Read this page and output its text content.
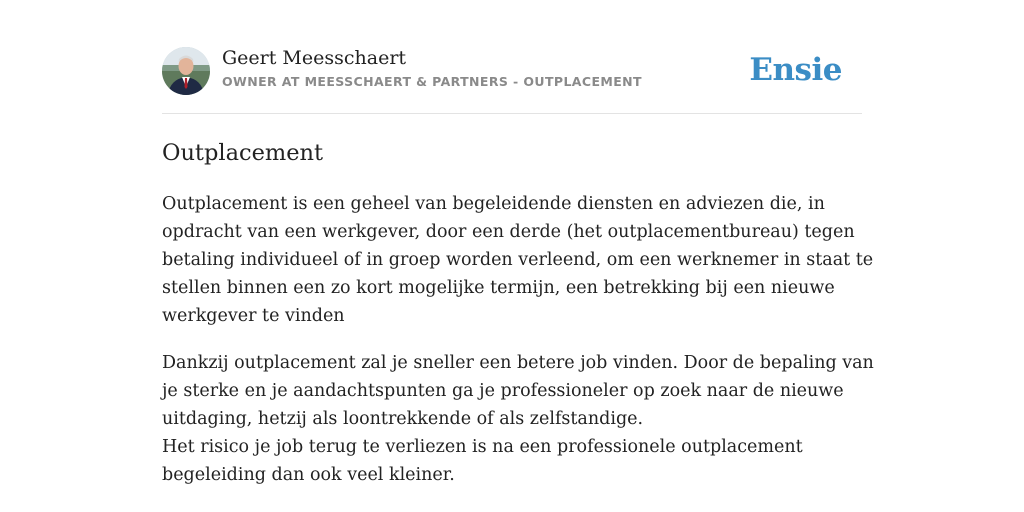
Geert Meesschaert
OWNER AT MEESSCHAERT & PARTNERS - OUTPLACEMENT	Ensie
Outplacement

Outplacement is een geheel van begeleidende diensten en adviezen die, in
opdracht van een werkgever, door een derde (het outplacementbureau) tegen
betaling individueel of in groep worden verleend, om een werknemer in staat te
stellen binnen een zo kort mogelijke termijn, een betrekking bij een nieuwe
werkgever te vinden

Dankzij outplacement zal je sneller een betere job vinden. Door de bepaling van
je sterke en je aandachtspunten ga je professioneler op zoek naar de nieuwe
uitdaging, hetzij als loontrekkende of als zelfstandige.
Het risico je job terug te verliezen is na een professionele outplacement
begeleiding dan ook veel kleiner.
